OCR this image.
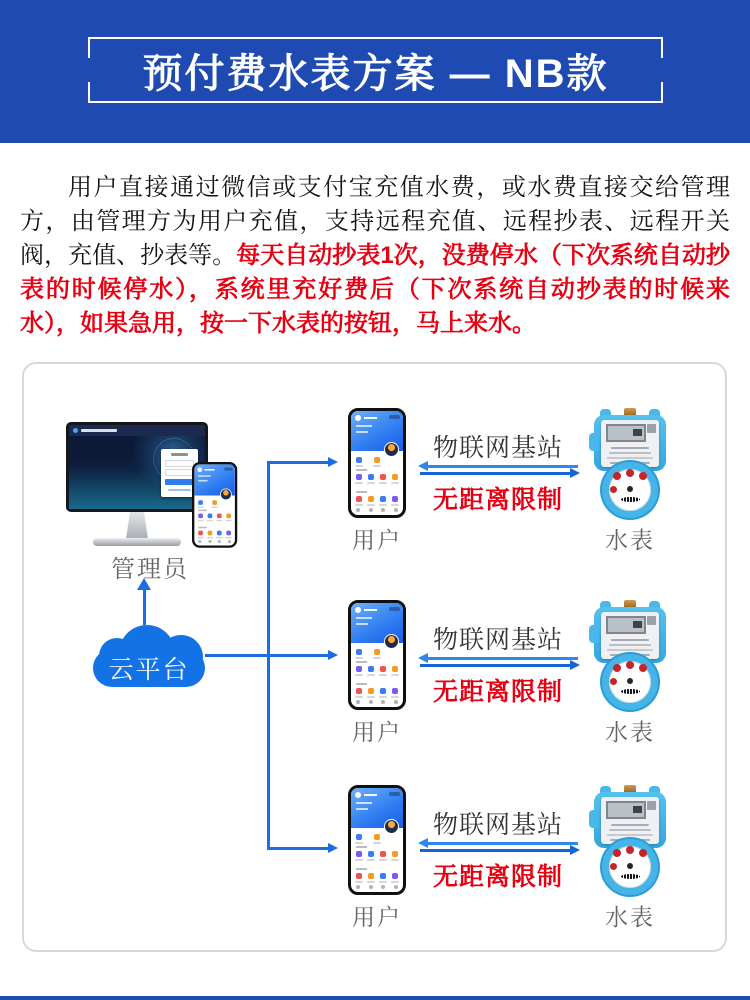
预付费水表方案 — NB款

用户直接通过微信或支付宝充值水费，或水费直接交给管理方，由管理方为用户充值，支持远程充值、远程抄表、远程开关阀，充值、抄表等。每天自动抄表1次，没费停水（下次系统自动抄表的时候停水），系统里充好费后（下次系统自动抄表的时候来水），如果急用，按一下水表的按钮，马上来水。

管理员
云平台
物联网基站
无距离限制
用户	水表
物联网基站
无距离限制
用户	水表
物联网基站
无距离限制
用户	水表
